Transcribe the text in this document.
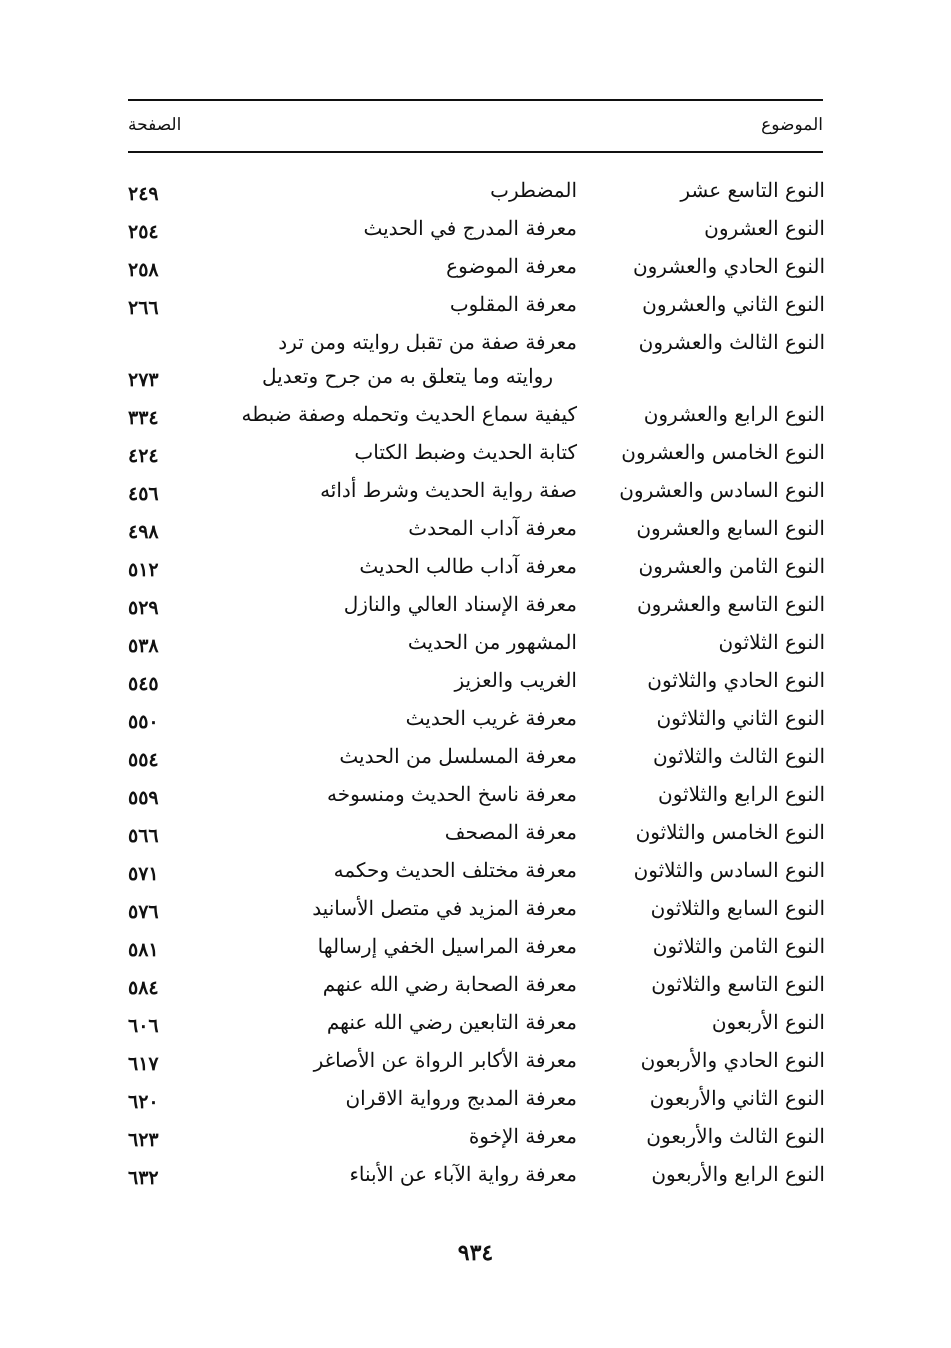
الموضوع
الصفحة
النوع التاسع عشر
المضطرب
٢٤٩
النوع العشرون
معرفة المدرج في الحديث
٢٥٤
النوع الحادي والعشرون
معرفة الموضوع
٢٥٨
النوع الثاني والعشرون
معرفة المقلوب
٢٦٦
النوع الثالث والعشرون
معرفة صفة من تقبل روايته ومن ترد
روايته وما يتعلق به من جرح وتعديل
٢٧٣
النوع الرابع والعشرون
كيفية سماع الحديث وتحمله وصفة ضبطه
٣٣٤
النوع الخامس والعشرون
كتابة الحديث وضبط الكتاب
٤٢٤
النوع السادس والعشرون
صفة رواية الحديث وشرط أدائه
٤٥٦
النوع السابع والعشرون
معرفة آداب المحدث
٤٩٨
النوع الثامن والعشرون
معرفة آداب طالب الحديث
٥١٢
النوع التاسع والعشرون
معرفة الإسناد العالي والنازل
٥٢٩
النوع الثلاثون
المشهور من الحديث
٥٣٨
النوع الحادي والثلاثون
الغريب والعزيز
٥٤٥
النوع الثاني والثلاثون
معرفة غريب الحديث
٥٥٠
النوع الثالث والثلاثون
معرفة المسلسل من الحديث
٥٥٤
النوع الرابع والثلاثون
معرفة ناسخ الحديث ومنسوخه
٥٥٩
النوع الخامس والثلاثون
معرفة المصحف
٥٦٦
النوع السادس والثلاثون
معرفة مختلف الحديث وحكمه
٥٧١
النوع السابع والثلاثون
معرفة المزيد في متصل الأسانيد
٥٧٦
النوع الثامن والثلاثون
معرفة المراسيل الخفي إرسالها
٥٨١
النوع التاسع والثلاثون
معرفة الصحابة رضي الله عنهم
٥٨٤
النوع الأربعون
معرفة التابعين رضي الله عنهم
٦٠٦
النوع الحادي والأربعون
معرفة الأكابر الرواة عن الأصاغر
٦١٧
النوع الثاني والأربعون
معرفة المدبج ورواية الاقران
٦٢٠
النوع الثالث والأربعون
معرفة الإخوة
٦٢٣
النوع الرابع والأربعون
معرفة رواية الآباء عن الأبناء
٦٣٢
٩٣٤
